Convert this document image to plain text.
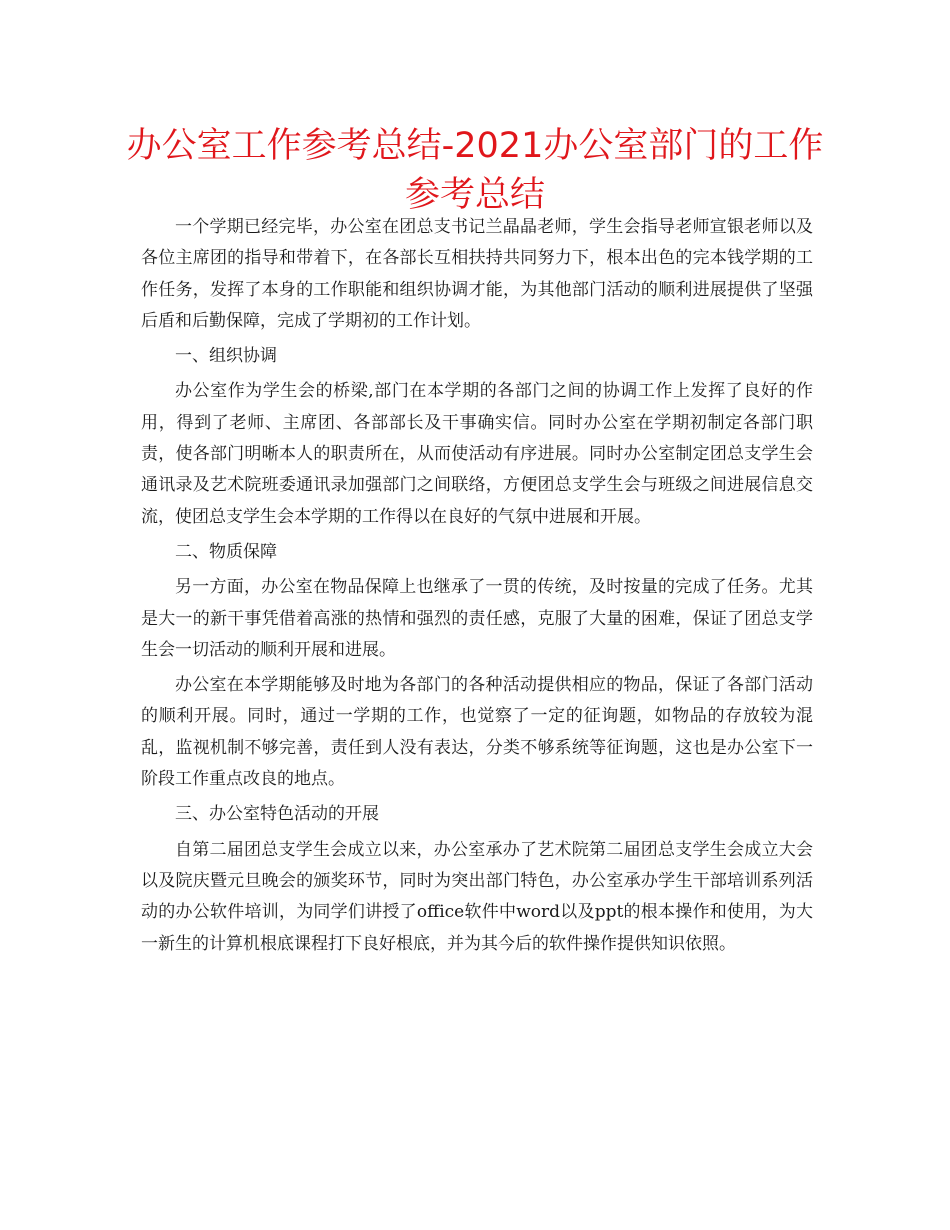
办公室工作参考总结-2021办公室部门的工作参考总结

一个学期已经完毕，办公室在团总支书记兰晶晶老师，学生会指导老师宣银老师以及各位主席团的指导和带着下，在各部长互相扶持共同努力下，根本出色的完本钱学期的工作任务，发挥了本身的工作职能和组织协调才能，为其他部门活动的顺利进展提供了坚强后盾和后勤保障，完成了学期初的工作计划。

一、组织协调

办公室作为学生会的桥梁,部门在本学期的各部门之间的协调工作上发挥了良好的作用，得到了老师、主席团、各部部长及干事确实信。同时办公室在学期初制定各部门职责，使各部门明晰本人的职责所在，从而使活动有序进展。同时办公室制定团总支学生会通讯录及艺术院班委通讯录加强部门之间联络，方便团总支学生会与班级之间进展信息交流，使团总支学生会本学期的工作得以在良好的气氛中进展和开展。

二、物质保障

另一方面，办公室在物品保障上也继承了一贯的传统，及时按量的完成了任务。尤其是大一的新干事凭借着高涨的热情和强烈的责任感，克服了大量的困难，保证了团总支学生会一切活动的顺利开展和进展。

办公室在本学期能够及时地为各部门的各种活动提供相应的物品，保证了各部门活动的顺利开展。同时，通过一学期的工作，也觉察了一定的征询题，如物品的存放较为混乱，监视机制不够完善，责任到人没有表达，分类不够系统等征询题，这也是办公室下一阶段工作重点改良的地点。

三、办公室特色活动的开展

自第二届团总支学生会成立以来，办公室承办了艺术院第二届团总支学生会成立大会以及院庆暨元旦晚会的颁奖环节，同时为突出部门特色，办公室承办学生干部培训系列活动的办公软件培训，为同学们讲授了office软件中word以及ppt的根本操作和使用，为大一新生的计算机根底课程打下良好根底，并为其今后的软件操作提供知识依照。
